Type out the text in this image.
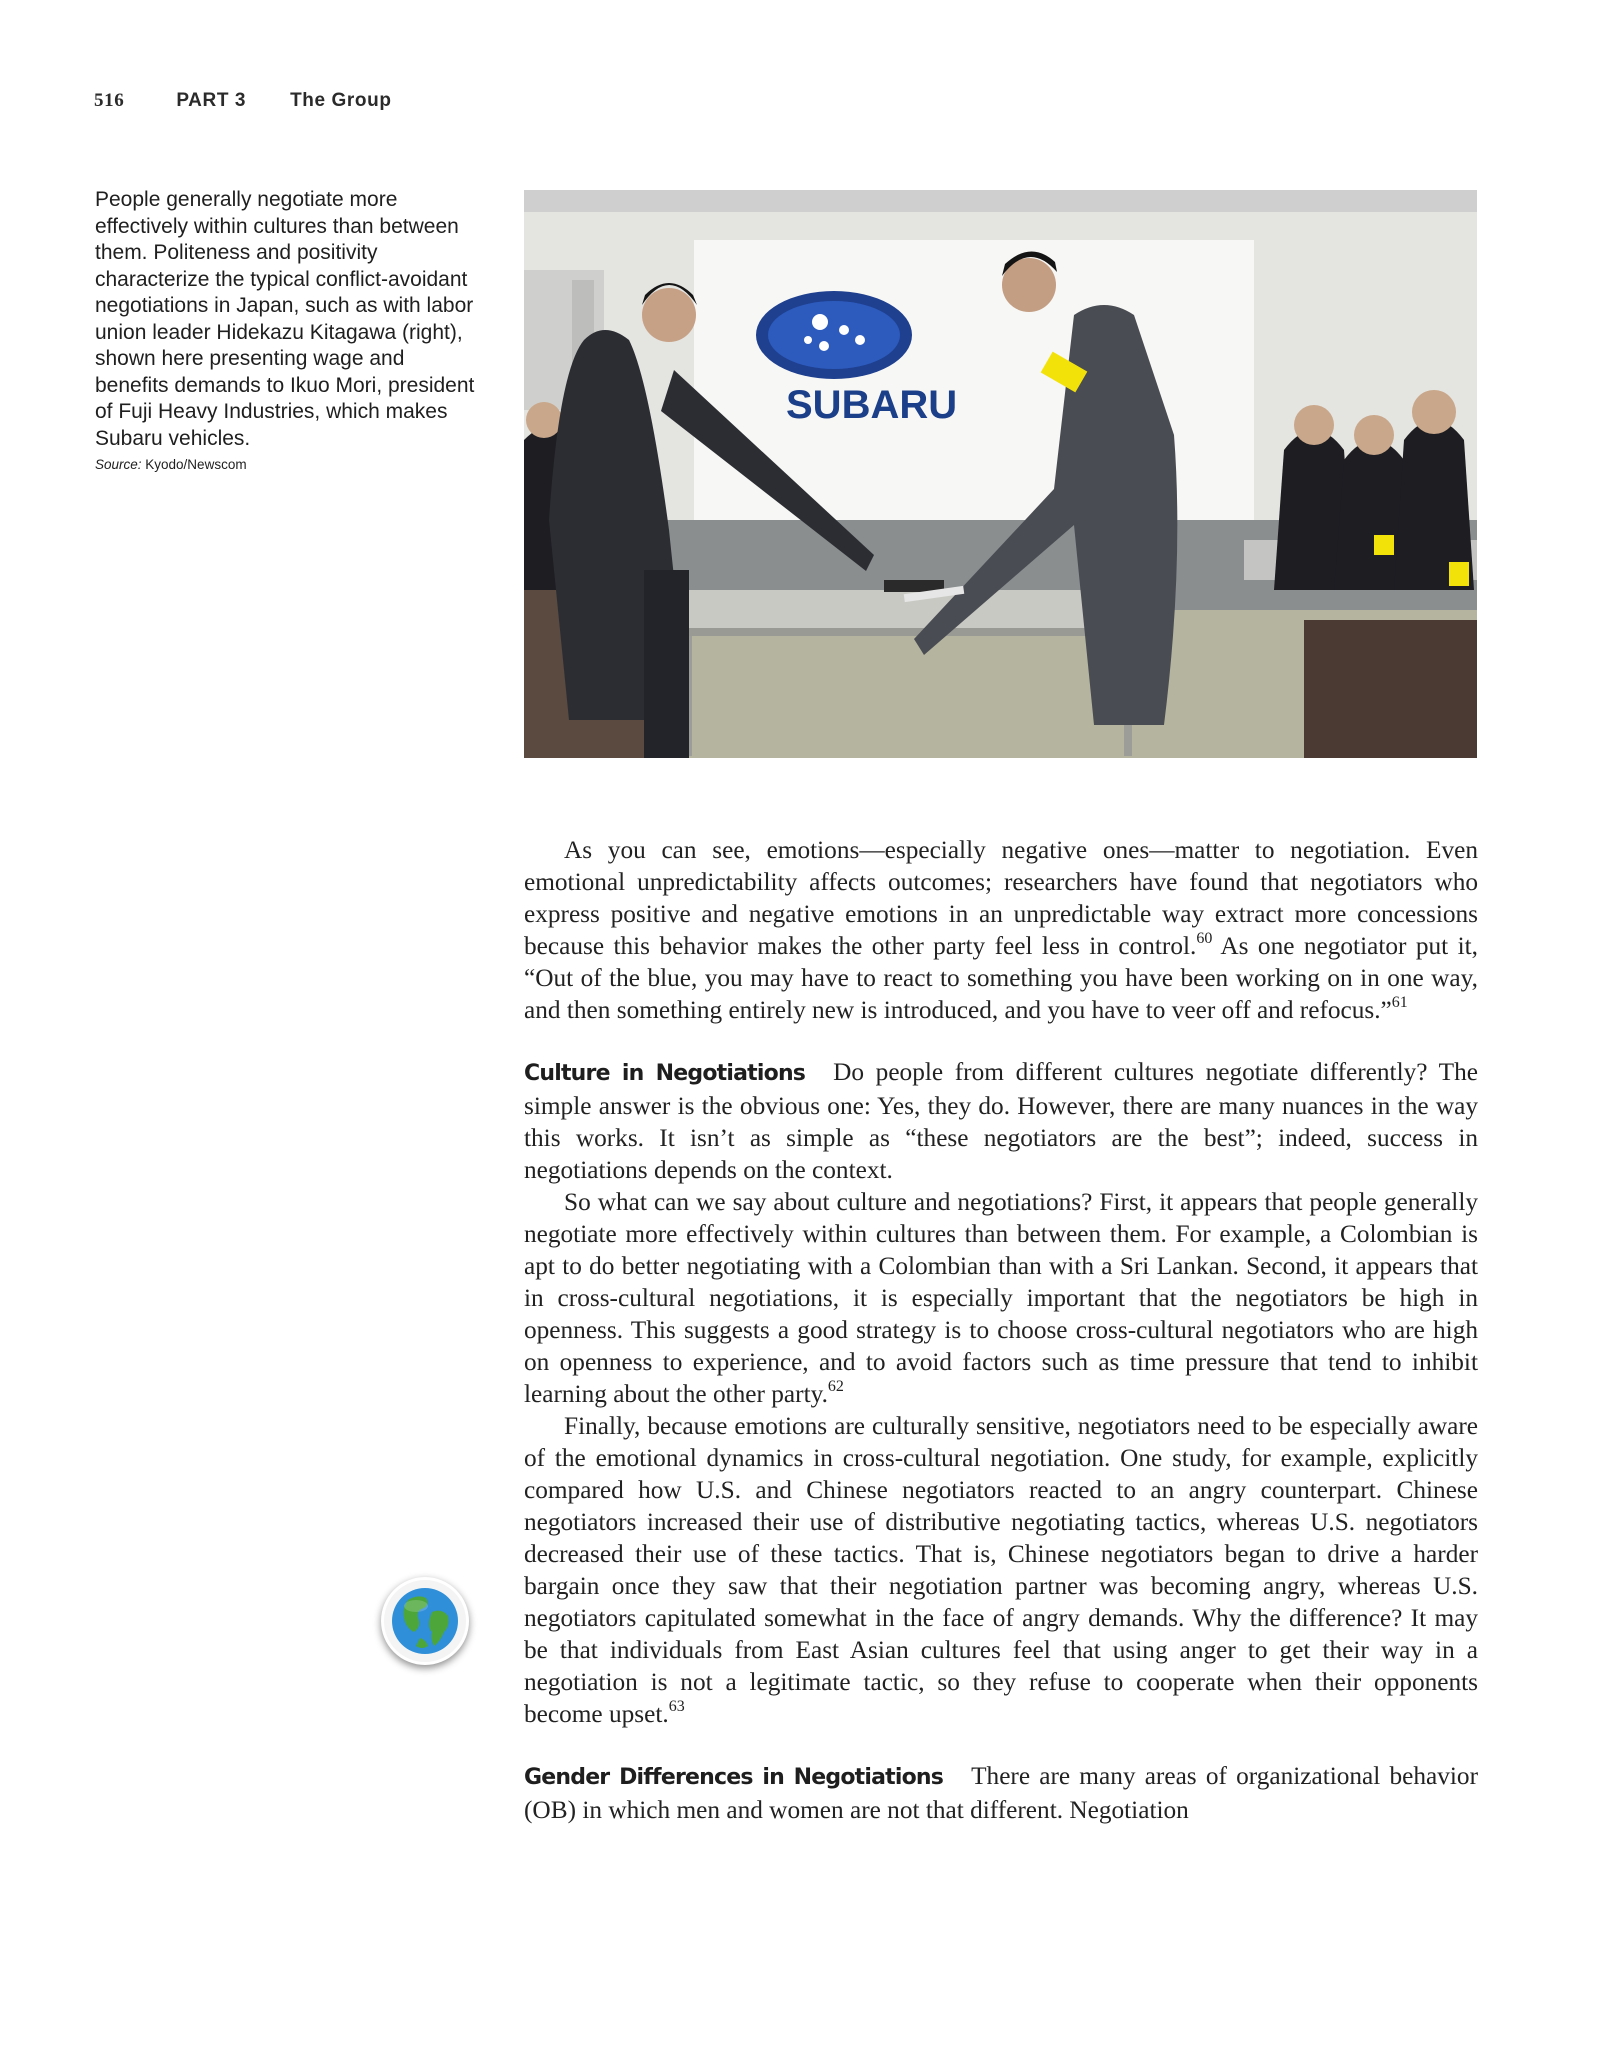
516	PART 3 The Group
People generally negotiate more effectively within cultures than between them. Politeness and positivity characterize the typical conflict-avoidant negotiations in Japan, such as with labor union leader Hidekazu Kitagawa (right), shown here presenting wage and benefits demands to Ikuo Mori, president of Fuji Heavy Industries, which makes Subaru vehicles.
Source: Kyodo/Newscom
SUBARU

As you can see, emotions—especially negative ones—matter to negotiation. Even emotional unpredictability affects outcomes; researchers have found that negotiators who express positive and negative emotions in an unpredictable way extract more concessions because this behavior makes the other party feel less in control.$^{60}$ As one negotiator put it, “Out of the blue, you may have to react to something you have been working on in one way, and then something entirely new is introduced, and you have to veer off and refocus.”$^{61}$

Culture in Negotiations Do people from different cultures negotiate differently? The simple answer is the obvious one: Yes, they do. However, there are many nuances in the way this works. It isn’t as simple as “these negotiators are the best”; indeed, success in negotiations depends on the context.

So what can we say about culture and negotiations? First, it appears that people generally negotiate more effectively within cultures than between them. For example, a Colombian is apt to do better negotiating with a Colombian than with a Sri Lankan. Second, it appears that in cross-cultural negotiations, it is especially important that the negotiators be high in openness. This suggests a good strategy is to choose cross-cultural negotiators who are high on openness to experience, and to avoid factors such as time pressure that tend to inhibit learning about the other party.$^{62}$

Finally, because emotions are culturally sensitive, negotiators need to be especially aware of the emotional dynamics in cross-cultural negotiation. One study, for example, explicitly compared how U.S. and Chinese negotiators reacted to an angry counterpart. Chinese negotiators increased their use of distributive negotiating tactics, whereas U.S. negotiators decreased their use of these tactics. That is, Chinese negotiators began to drive a harder bargain once they saw that their negotiation partner was becoming angry, whereas U.S. negotiators capitulated somewhat in the face of angry demands. Why the difference? It may be that individuals from East Asian cultures feel that using anger to get their way in a negotiation is not a legitimate tactic, so they refuse to cooperate when their opponents become upset.$^{63}$

Gender Differences in Negotiations There are many areas of organizational behavior (OB) in which men and women are not that different. Negotiation
